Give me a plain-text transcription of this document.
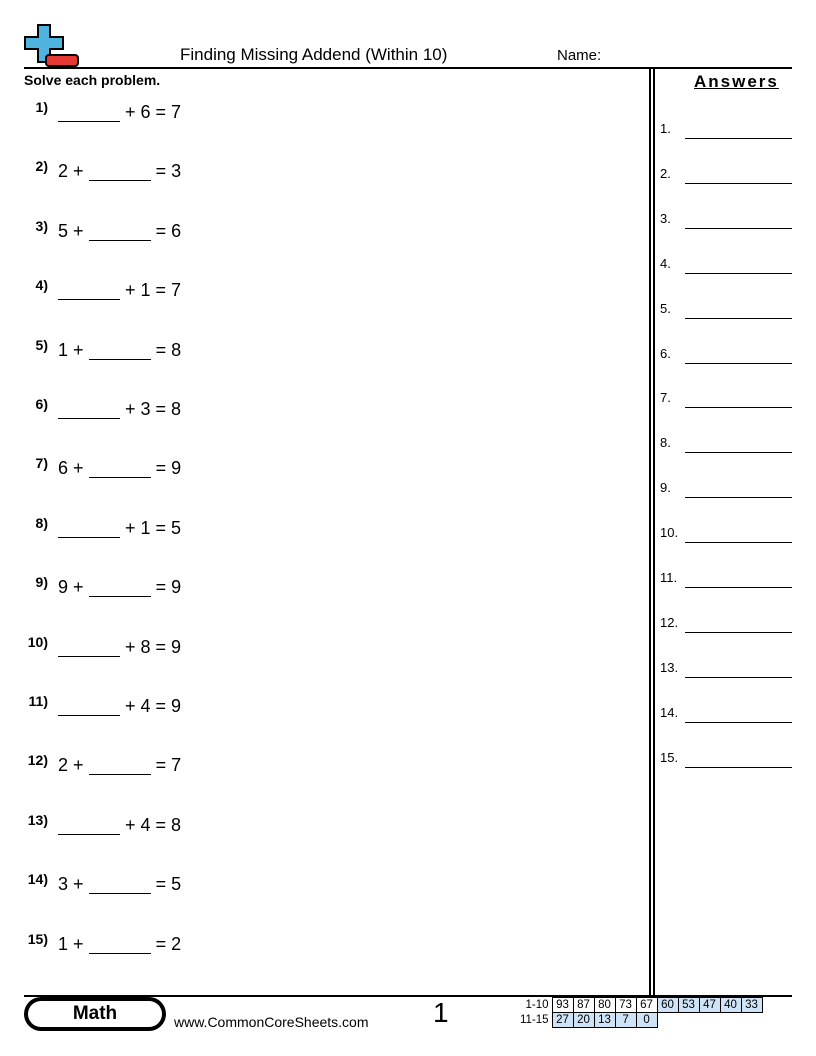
Finding Missing Addend (Within 10)	Name:
Solve each problem.	Answers
1)	+ 6 = 7
2) 2 +	= 3
3) 5 +	= 6
4)	+ 1 = 7
5) 1 +	= 8
6)	+ 3 = 8
7) 6 +	= 9
8)	+ 1 = 5
9) 9 +	= 9
10)	+ 8 = 9
11)	+ 4 = 9
12) 2 +	= 7
13)	+ 4 = 8
14) 3 +	= 5
15) 1 +	= 2
1.
2.
3.
4.
5.
6.
7.
8.
9.
10.
11.
12.
13.
14.
15.
Math	www.CommonCoreSheets.com 1	1-10	93	87	80	73	67	60	53	47	40	33
11-15	27	20	13	7	0					
